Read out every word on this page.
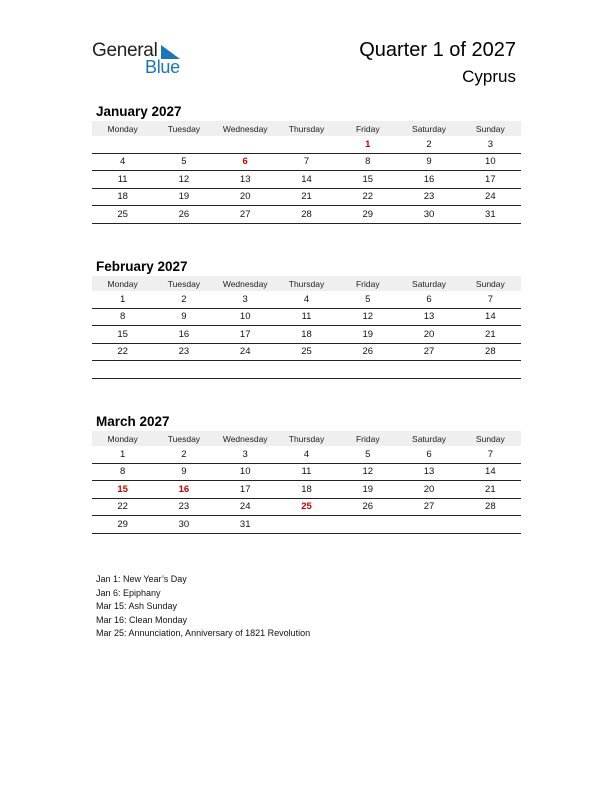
General
Blue
Quarter 1 of 2027
Cyprus
January 2027
Monday	Tuesday	Wednesday	Thursday	Friday	Saturday	Sunday
				1	2	3
4	5	6	7	8	9	10
11	12	13	14	15	16	17
18	19	20	21	22	23	24
25	26	27	28	29	30	31
February 2027
Monday	Tuesday	Wednesday	Thursday	Friday	Saturday	Sunday
1	2	3	4	5	6	7
8	9	10	11	12	13	14
15	16	17	18	19	20	21
22	23	24	25	26	27	28

March 2027
Monday	Tuesday	Wednesday	Thursday	Friday	Saturday	Sunday
1	2	3	4	5	6	7
8	9	10	11	12	13	14
15	16	17	18	19	20	21
22	23	24	25	26	27	28
29	30	31				
Jan 1: New Year’s Day
Jan 6: Epiphany
Mar 15: Ash Sunday
Mar 16: Clean Monday
Mar 25: Annunciation, Anniversary of 1821 Revolution
